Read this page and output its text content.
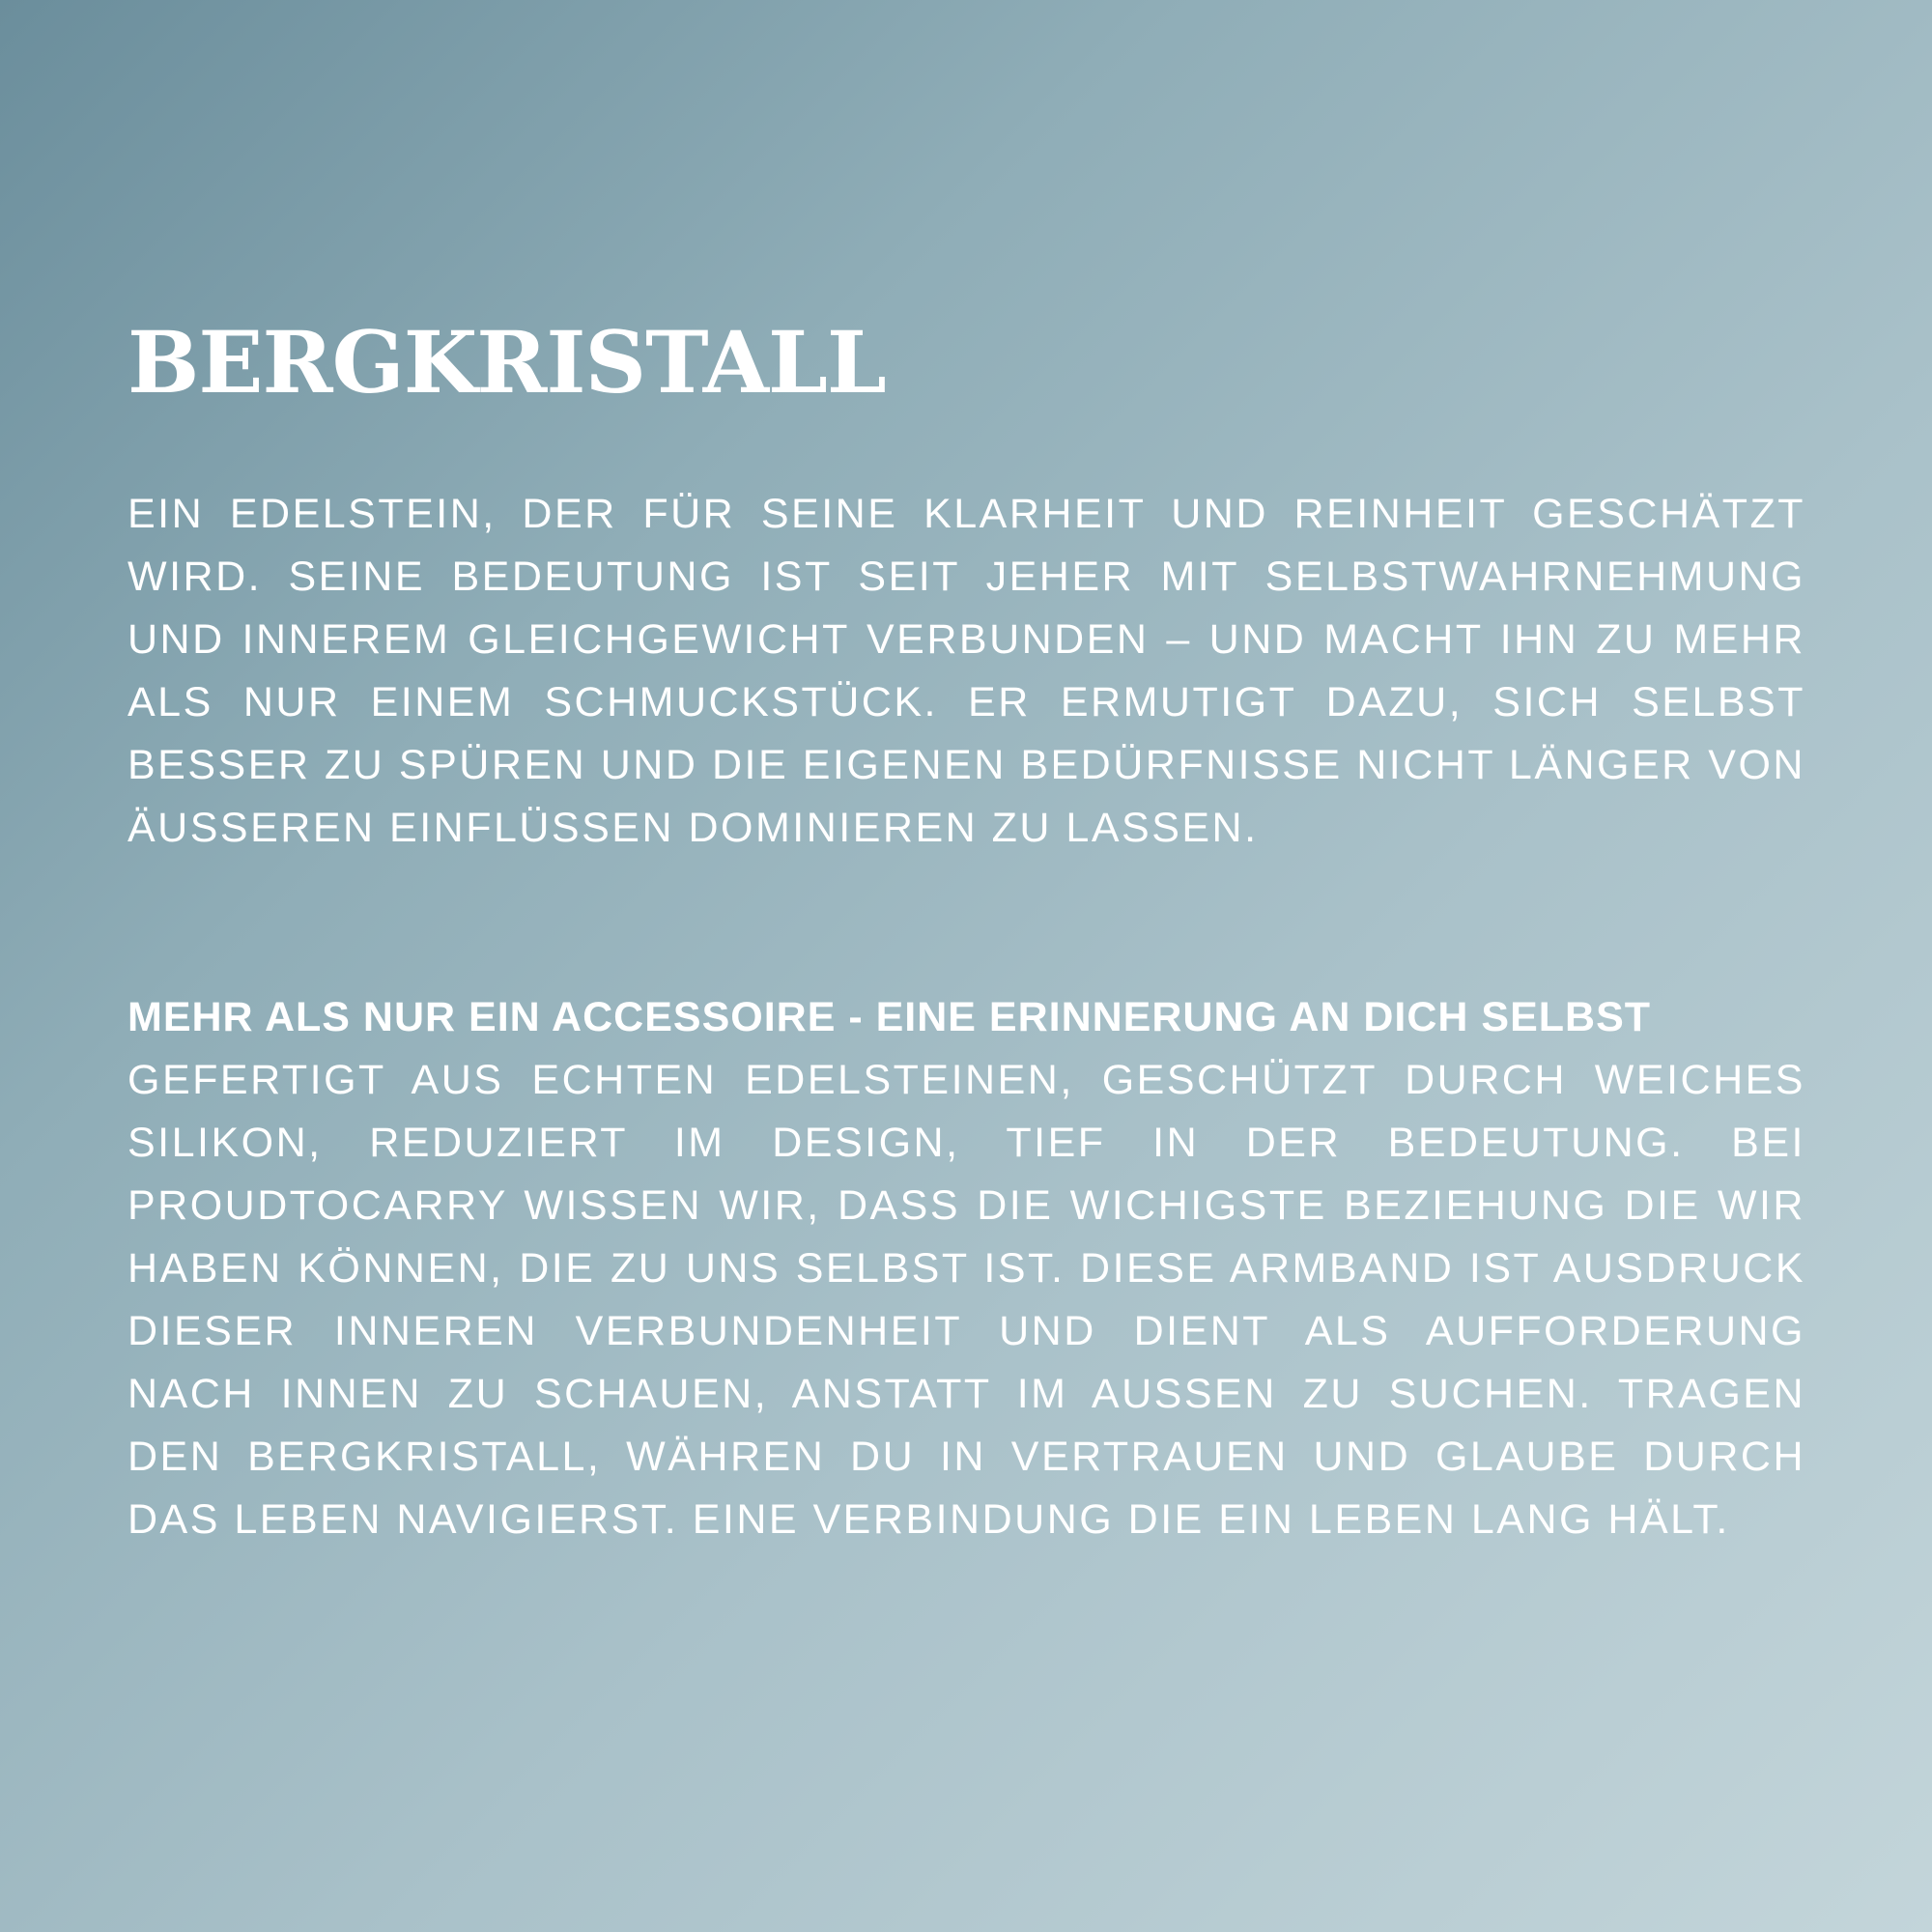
BERGKRISTALL

EIN EDELSTEIN, DER FÜR SEINE KLARHEIT UND REINHEIT GESCHÄTZT WIRD. SEINE BEDEUTUNG IST SEIT JEHER MIT SELBSTWAHRNEHMUNG UND INNEREM GLEICHGEWICHT VERBUNDEN – UND MACHT IHN ZU MEHR ALS NUR EINEM SCHMUCKSTÜCK. ER ERMUTIGT DAZU, SICH SELBST BESSER ZU SPÜREN UND DIE EIGENEN BEDÜRFNISSE NICHT LÄNGER VON ÄUSSEREN EINFLÜSSEN DOMINIEREN ZU LASSEN.

MEHR ALS NUR EIN ACCESSOIRE - EINE ERINNERUNG AN DICH SELBST

GEFERTIGT AUS ECHTEN EDELSTEINEN, GESCHÜTZT DURCH WEICHES SILIKON, REDUZIERT IM DESIGN, TIEF IN DER BEDEUTUNG. BEI PROUDTOCARRY WISSEN WIR, DASS DIE WICHIGSTE BEZIEHUNG DIE WIR HABEN KÖNNEN, DIE ZU UNS SELBST IST. DIESE ARMBAND IST AUSDRUCK DIESER INNEREN VERBUNDENHEIT UND DIENT ALS AUFFORDERUNG NACH INNEN ZU SCHAUEN, ANSTATT IM AUSSEN ZU SUCHEN. TRAGEN DEN BERGKRISTALL, WÄHREN DU IN VERTRAUEN UND GLAUBE DURCH DAS LEBEN NAVIGIERST. EINE VERBINDUNG DIE EIN LEBEN LANG HÄLT.
